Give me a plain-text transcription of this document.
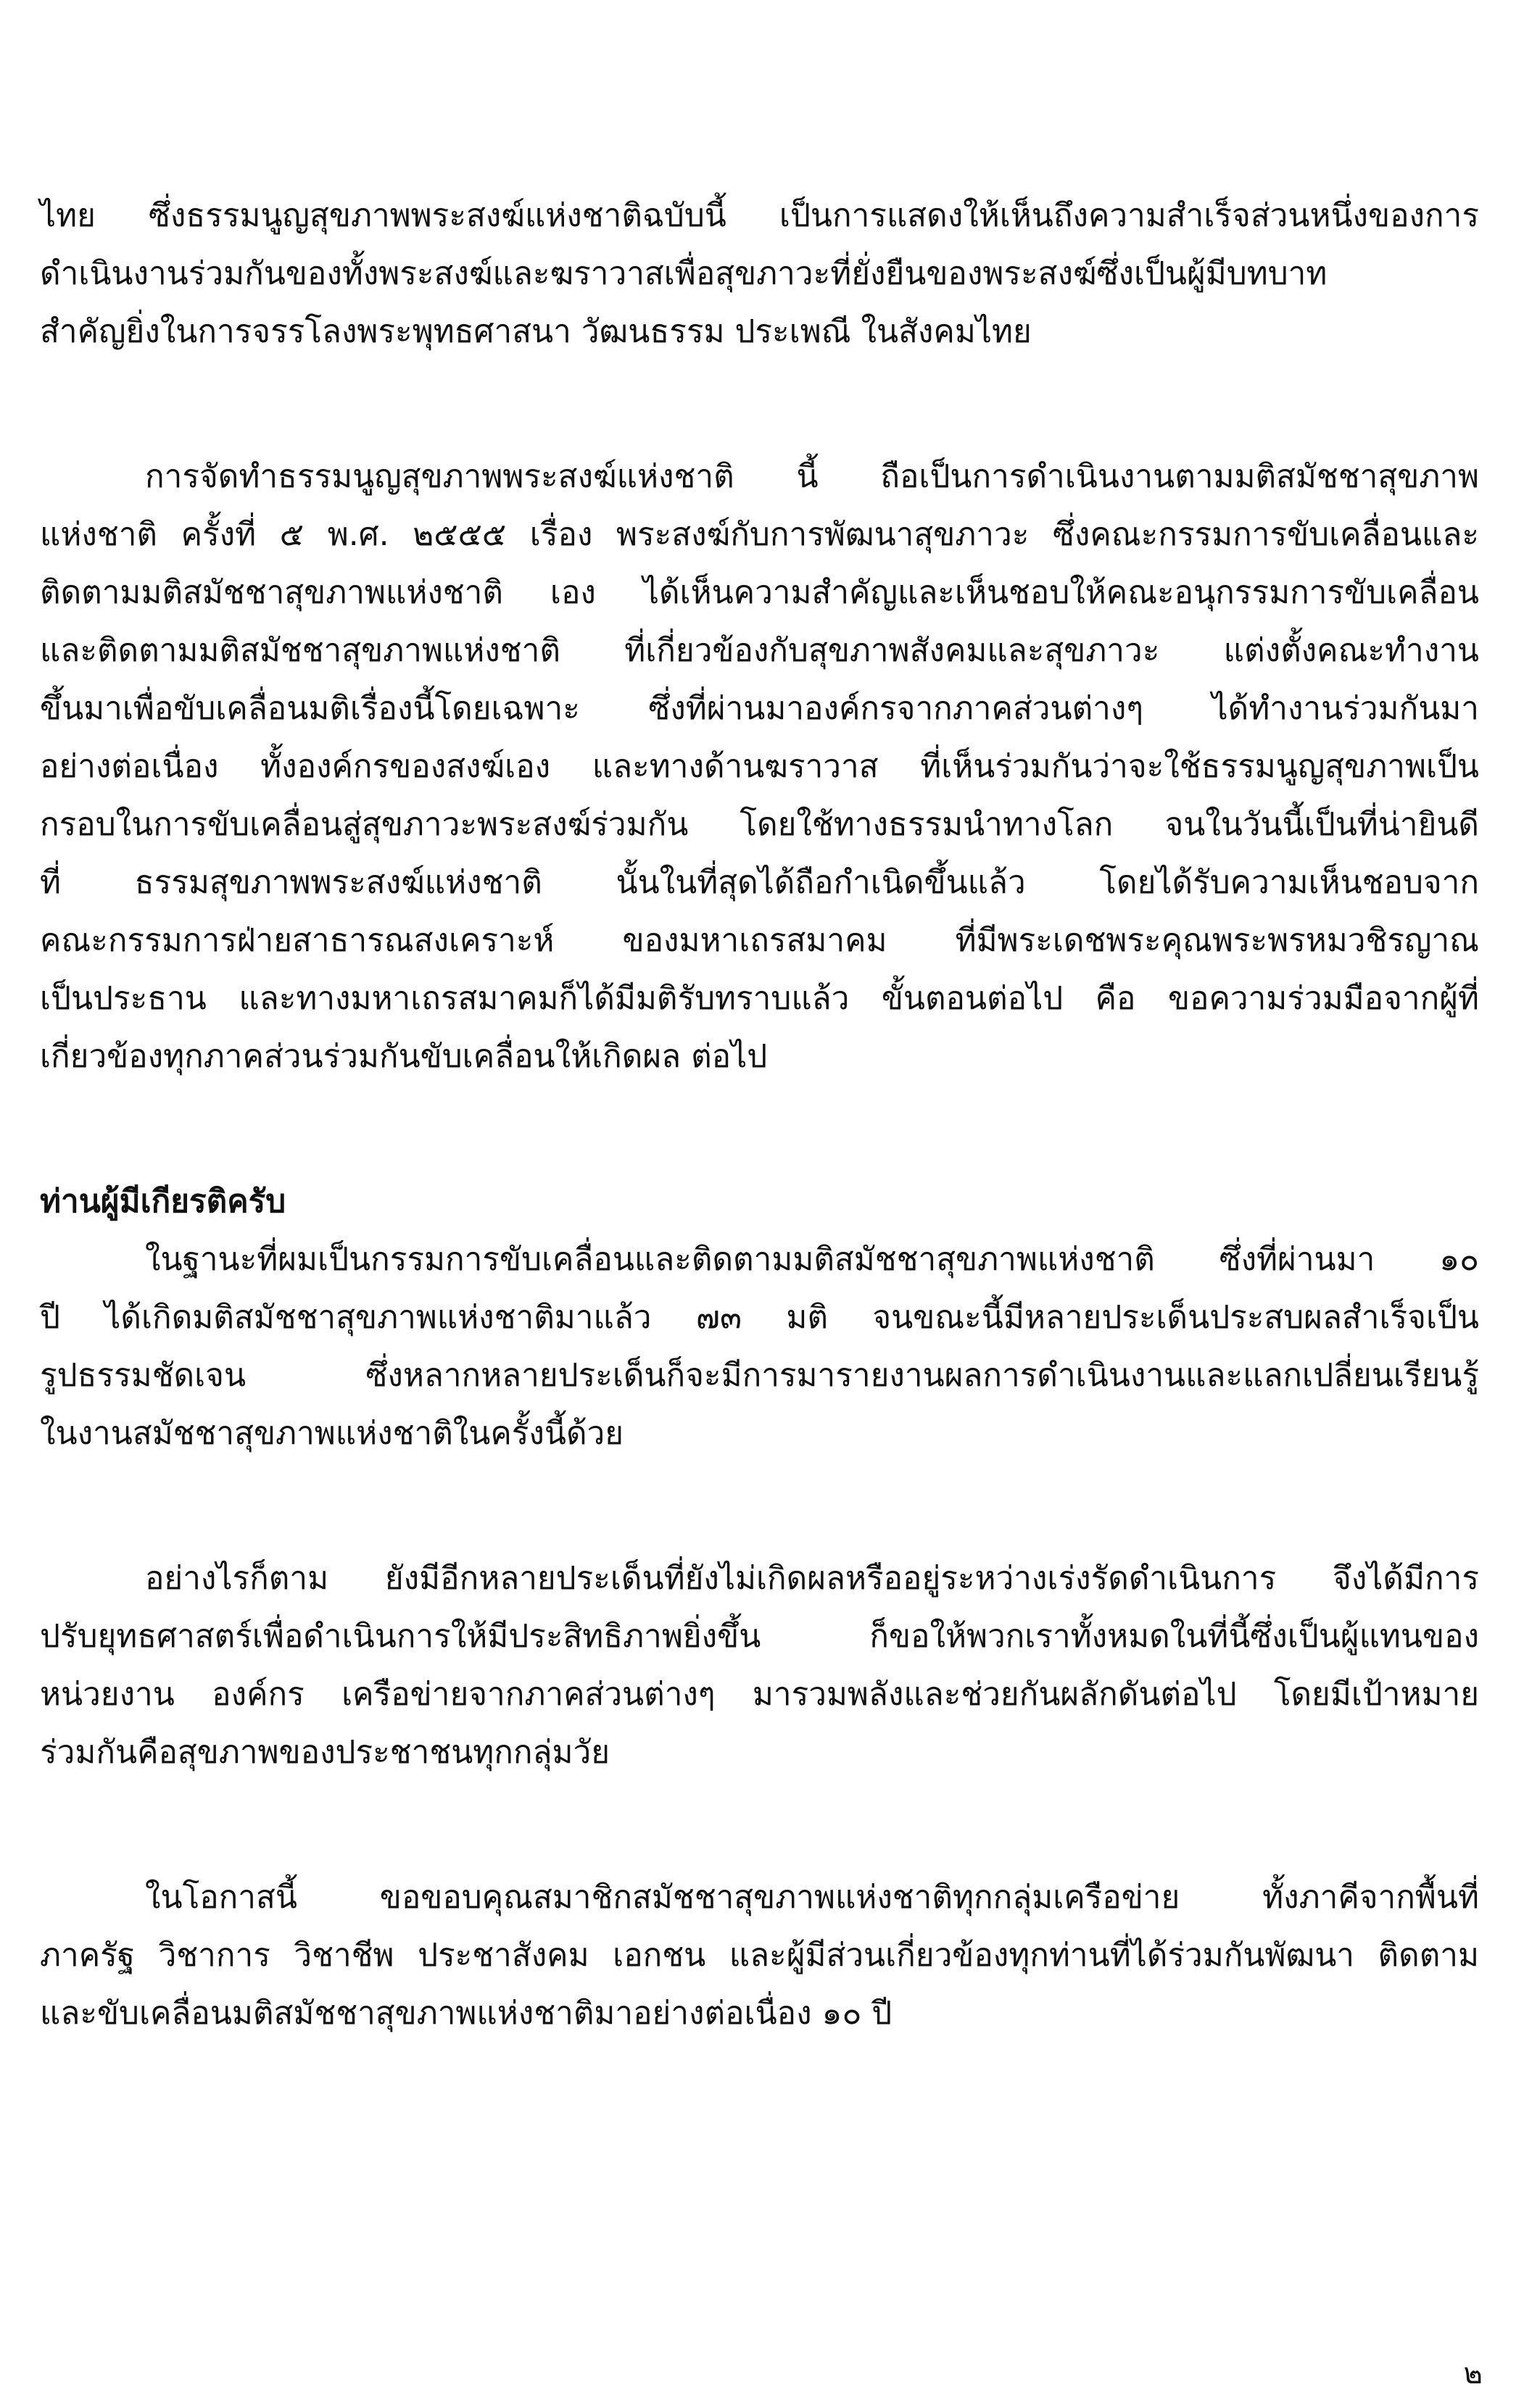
ไทย ซึ่งธรรมนูญสุขภาพพระสงฆ์แห่งชาติฉบับนี้ เป็นการแสดงให้เห็นถึงความสำเร็จส่วนหนึ่งของการ
ดำเนินงานร่วมกันของทั้งพระสงฆ์และฆราวาสเพื่อสุขภาวะที่ยั่งยืนของพระสงฆ์ซึ่งเป็นผู้มีบทบาท
สำคัญยิ่งในการจรรโลงพระพุทธศาสนา วัฒนธรรม ประเพณี ในสังคมไทย
การจัดทำธรรมนูญสุขภาพพระสงฆ์แห่งชาติ นี้ ถือเป็นการดำเนินงานตามมติสมัชชาสุขภาพ
แห่งชาติ ครั้งที่ ๕ พ.ศ. ๒๕๕๕ เรื่อง พระสงฆ์กับการพัฒนาสุขภาวะ ซึ่งคณะกรรมการขับเคลื่อนและ
ติดตามมติสมัชชาสุขภาพแห่งชาติ เอง ได้เห็นความสำคัญและเห็นชอบให้คณะอนุกรรมการขับเคลื่อน
และติดตามมติสมัชชาสุขภาพแห่งชาติ ที่เกี่ยวข้องกับสุขภาพสังคมและสุขภาวะ แต่งตั้งคณะทำงาน
ขึ้นมาเพื่อขับเคลื่อนมติเรื่องนี้โดยเฉพาะ ซึ่งที่ผ่านมาองค์กรจากภาคส่วนต่างๆ ได้ทำงานร่วมกันมา
อย่างต่อเนื่อง ทั้งองค์กรของสงฆ์เอง และทางด้านฆราวาส ที่เห็นร่วมกันว่าจะใช้ธรรมนูญสุขภาพเป็น
กรอบในการขับเคลื่อนสู่สุขภาวะพระสงฆ์ร่วมกัน โดยใช้ทางธรรมนำทางโลก จนในวันนี้เป็นที่น่ายินดี
ที่ ธรรมสุขภาพพระสงฆ์แห่งชาติ นั้นในที่สุดได้ถือกำเนิดขึ้นแล้ว โดยได้รับความเห็นชอบจาก
คณะกรรมการฝ่ายสาธารณสงเคราะห์ ของมหาเถรสมาคม ที่มีพระเดชพระคุณพระพรหมวชิรญาณ
เป็นประธาน และทางมหาเถรสมาคมก็ได้มีมติรับทราบแล้ว ขั้นตอนต่อไป คือ ขอความร่วมมือจากผู้ที่
เกี่ยวข้องทุกภาคส่วนร่วมกันขับเคลื่อนให้เกิดผล ต่อไป
ท่านผู้มีเกียรติครับ
ในฐานะที่ผมเป็นกรรมการขับเคลื่อนและติดตามมติสมัชชาสุขภาพแห่งชาติ ซึ่งที่ผ่านมา ๑๐
ปี ได้เกิดมติสมัชชาสุขภาพแห่งชาติมาแล้ว ๗๓ มติ จนขณะนี้มีหลายประเด็นประสบผลสำเร็จเป็น
รูปธรรมชัดเจน ซึ่งหลากหลายประเด็นก็จะมีการมารายงานผลการดำเนินงานและแลกเปลี่ยนเรียนรู้
ในงานสมัชชาสุขภาพแห่งชาติในครั้งนี้ด้วย
อย่างไรก็ตาม ยังมีอีกหลายประเด็นที่ยังไม่เกิดผลหรืออยู่ระหว่างเร่งรัดดำเนินการ จึงได้มีการ
ปรับยุทธศาสตร์เพื่อดำเนินการให้มีประสิทธิภาพยิ่งขึ้น ก็ขอให้พวกเราทั้งหมดในที่นี้ซึ่งเป็นผู้แทนของ
หน่วยงาน องค์กร เครือข่ายจากภาคส่วนต่างๆ มารวมพลังและช่วยกันผลักดันต่อไป โดยมีเป้าหมาย
ร่วมกันคือสุขภาพของประชาชนทุกกลุ่มวัย
ในโอกาสนี้ ขอขอบคุณสมาชิกสมัชชาสุขภาพแห่งชาติทุกกลุ่มเครือข่าย ทั้งภาคีจากพื้นที่
ภาครัฐ วิชาการ วิชาชีพ ประชาสังคม เอกชน และผู้มีส่วนเกี่ยวข้องทุกท่านที่ได้ร่วมกันพัฒนา ติดตาม
และขับเคลื่อนมติสมัชชาสุขภาพแห่งชาติมาอย่างต่อเนื่อง ๑๐ ปี
๒
